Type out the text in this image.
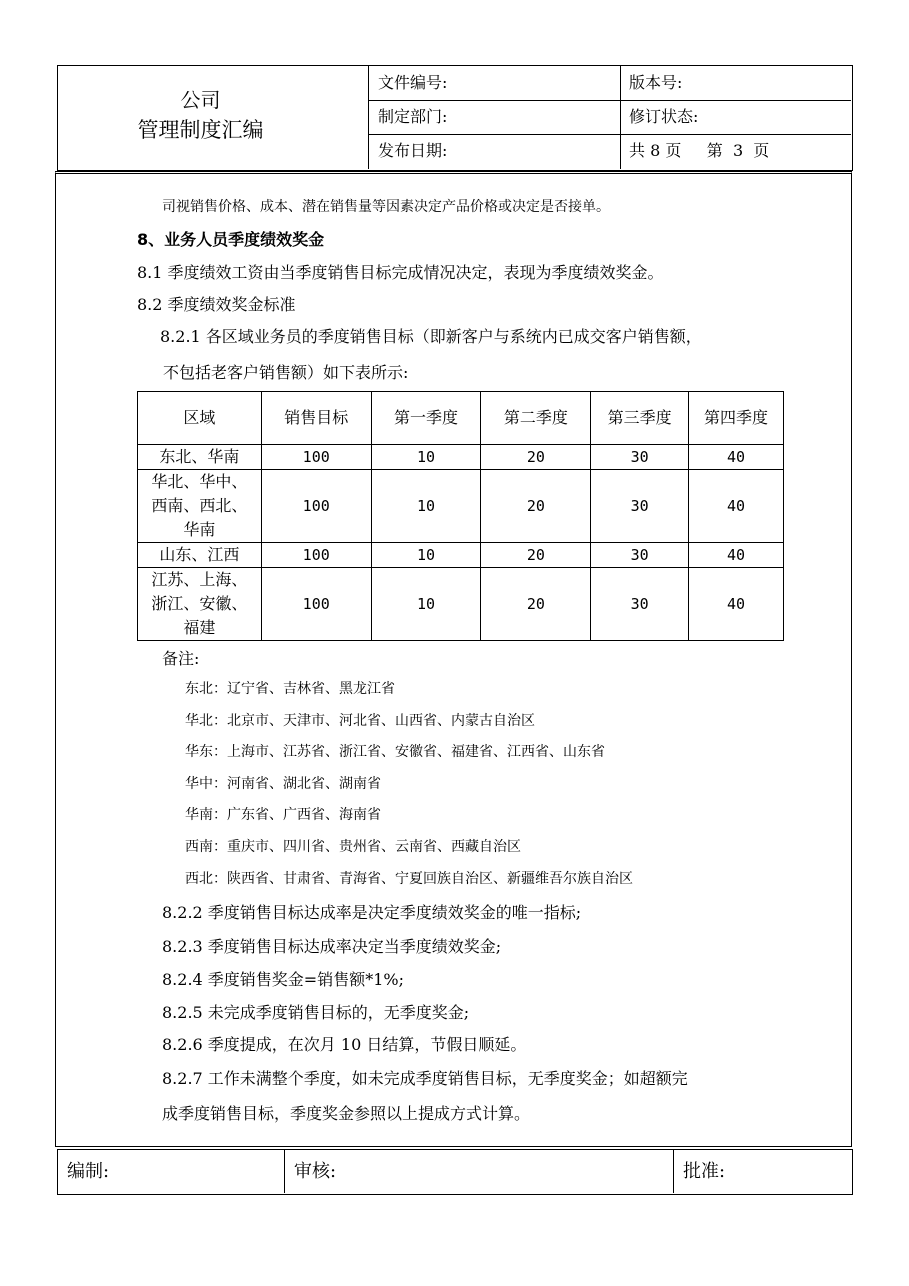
公司
管理制度汇编
文件编号:	版本号:
制定部门:	修订状态:
发布日期:	共 8 页     第  3  页
司视销售价格、成本、潜在销售量等因素决定产品价格或决定是否接单。
8、业务人员季度绩效奖金
8.1 季度绩效工资由当季度销售目标完成情况决定，表现为季度绩效奖金。
8.2 季度绩效奖金标准
8.2.1 各区域业务员的季度销售目标（即新客户与系统内已成交客户销售额，
不包括老客户销售额）如下表所示:
区域	销售目标	第一季度	第二季度	第三季度	第四季度
东北、华南	100	10	20	30	40
华北、华中、
西南、西北、
华南	100	10	20	30	40
山东、江西	100	10	20	30	40
江苏、上海、
浙江、安徽、
福建	100	10	20	30	40
备注:
东北：辽宁省、吉林省、黑龙江省
华北：北京市、天津市、河北省、山西省、内蒙古自治区
华东：上海市、江苏省、浙江省、安徽省、福建省、江西省、山东省
华中：河南省、湖北省、湖南省
华南：广东省、广西省、海南省
西南：重庆市、四川省、贵州省、云南省、西藏自治区
西北：陕西省、甘肃省、青海省、宁夏回族自治区、新疆维吾尔族自治区
8.2.2 季度销售目标达成率是决定季度绩效奖金的唯一指标;
8.2.3 季度销售目标达成率决定当季度绩效奖金;
8.2.4 季度销售奖金=销售额*1%;
8.2.5 未完成季度销售目标的，无季度奖金;
8.2.6 季度提成，在次月 10 日结算，节假日顺延。
8.2.7 工作未满整个季度，如未完成季度销售目标，无季度奖金；如超额完
成季度销售目标，季度奖金参照以上提成方式计算。
编制:	审核:	批准:
